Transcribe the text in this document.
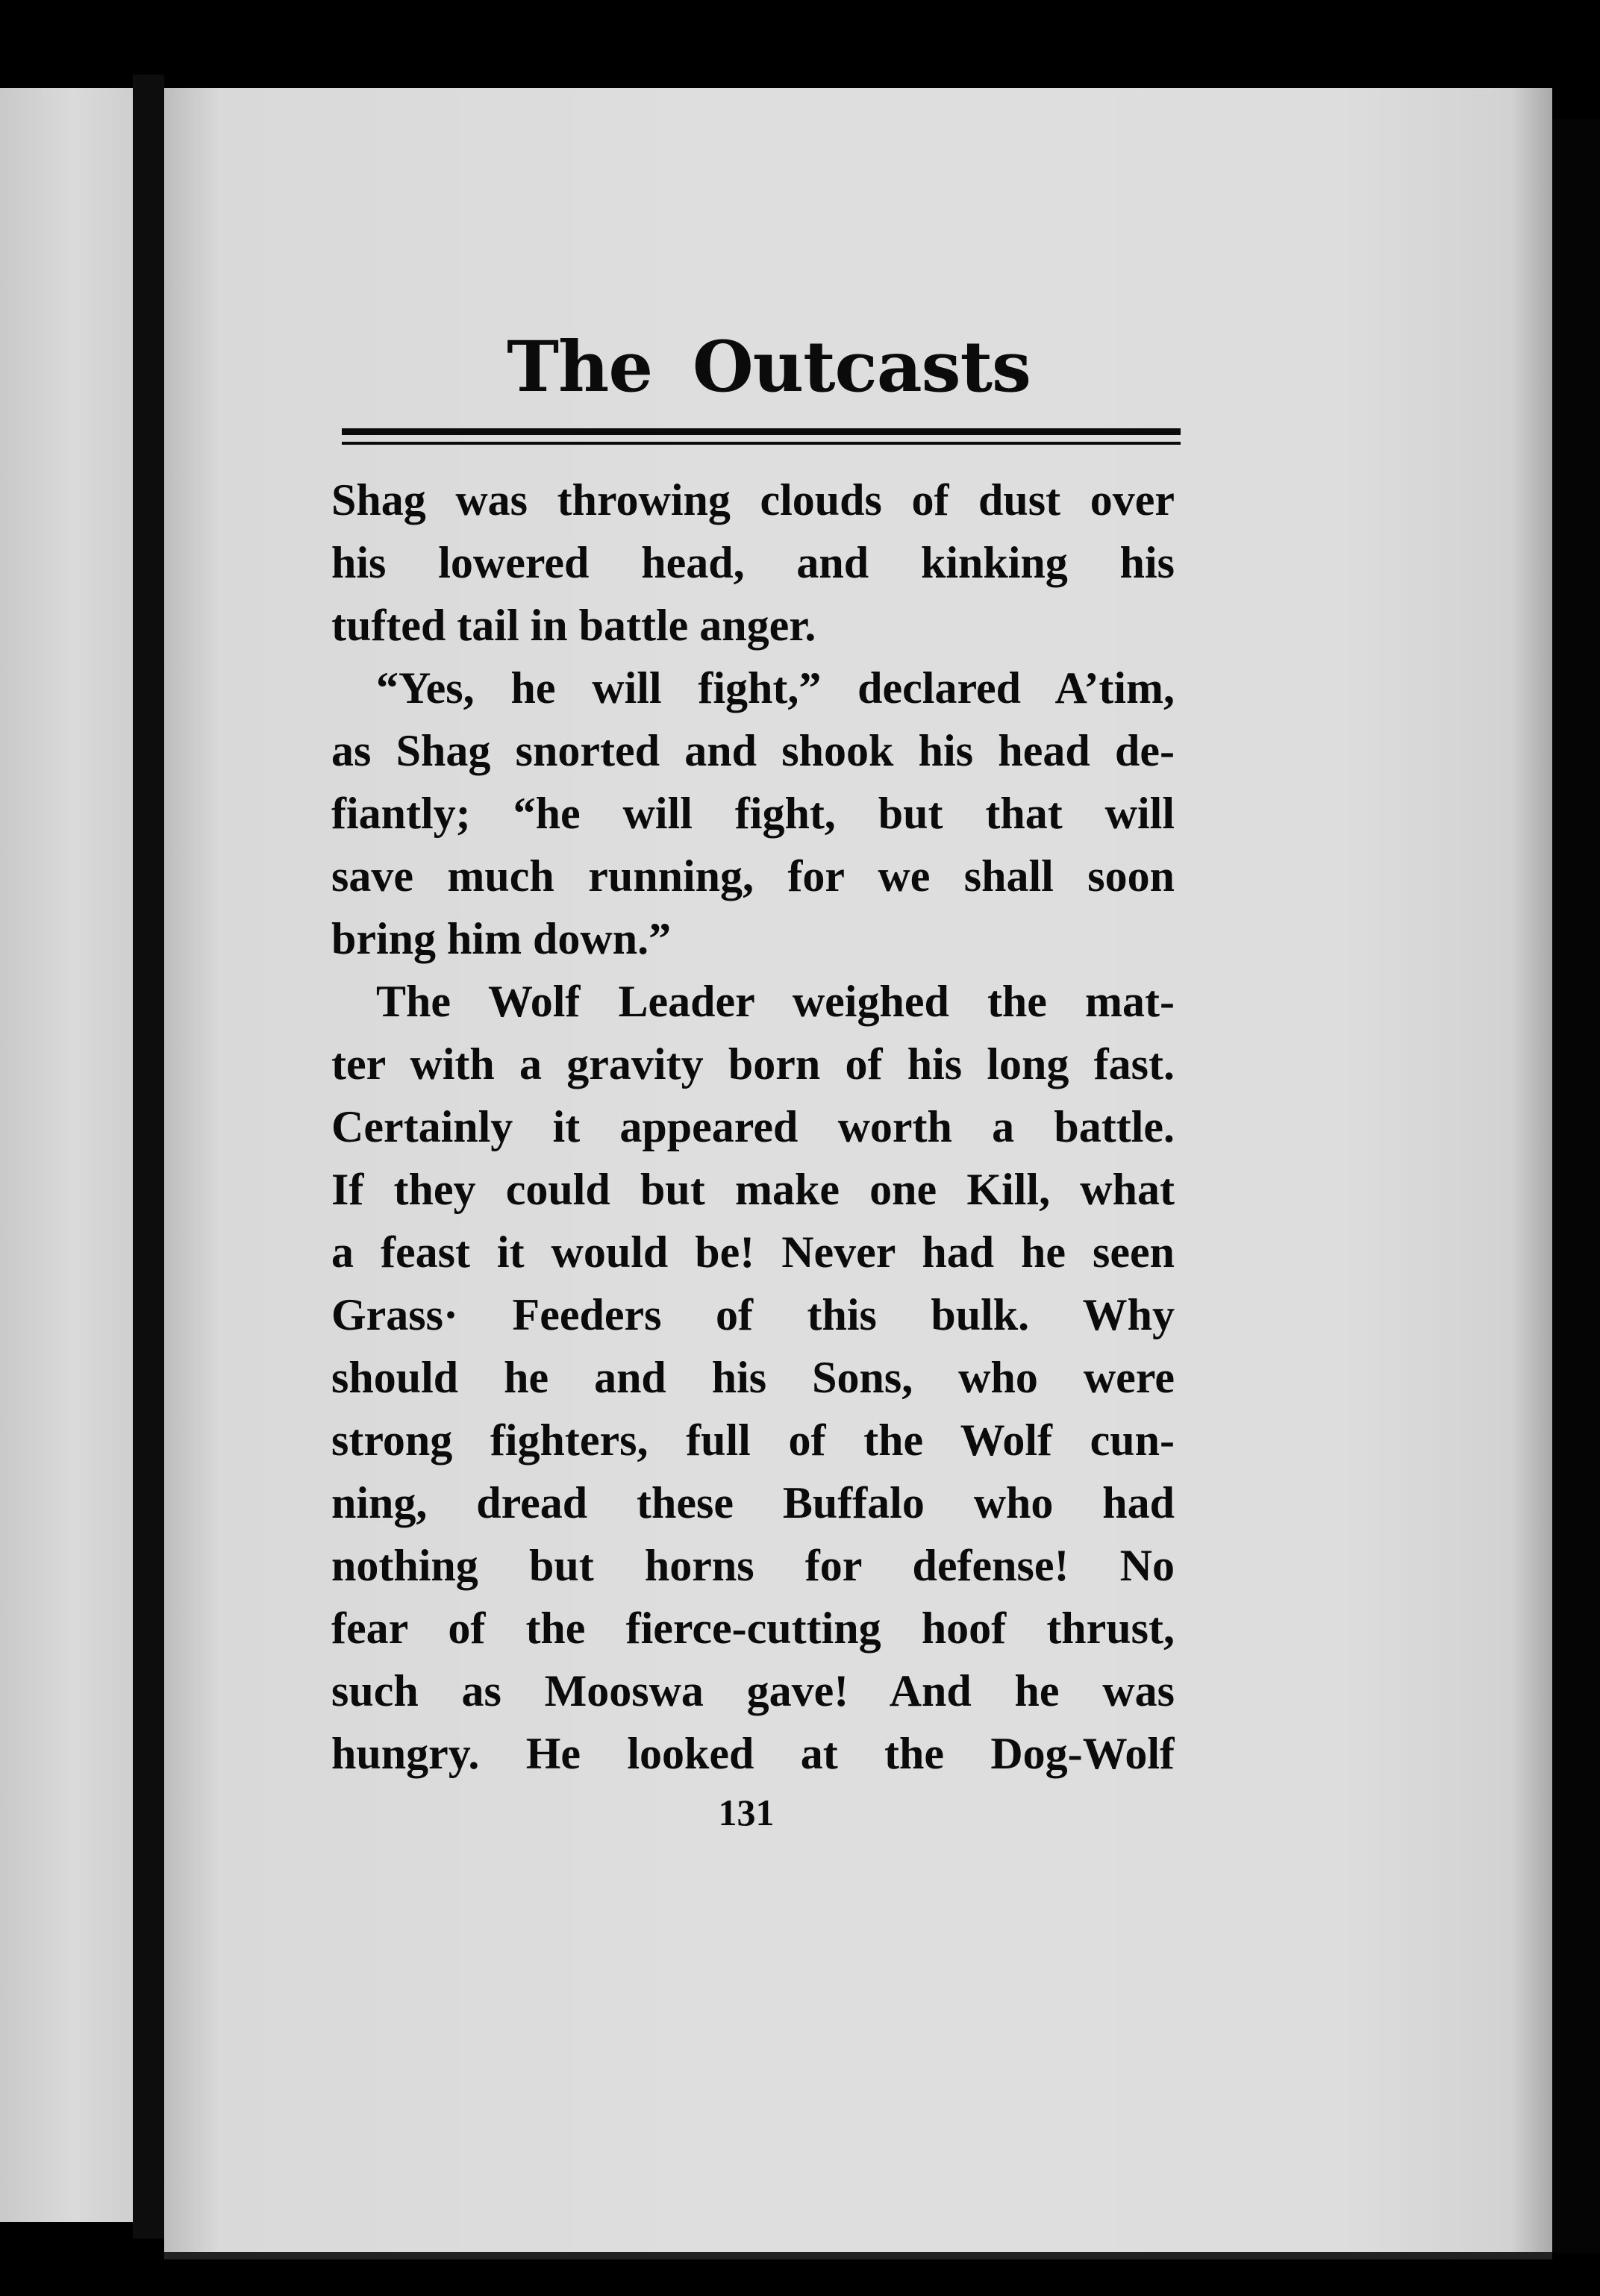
The Outcasts
Shag was throwing clouds of dust over
his lowered head, and kinking his
tufted tail in battle anger.
“Yes, he will fight,” declared A’tim,
as Shag snorted and shook his head de-
fiantly; “he will fight, but that will
save much running, for we shall soon
bring him down.”
The Wolf Leader weighed the mat-
ter with a gravity born of his long fast.
Certainly it appeared worth a battle.
If they could but make one Kill, what
a feast it would be! Never had he seen
Grass· Feeders of this bulk. Why
should he and his Sons, who were
strong fighters, full of the Wolf cun-
ning, dread these Buffalo who had
nothing but horns for defense! No
fear of the fierce-cutting hoof thrust,
such as Mooswa gave! And he was
hungry. He looked at the Dog-Wolf
131
